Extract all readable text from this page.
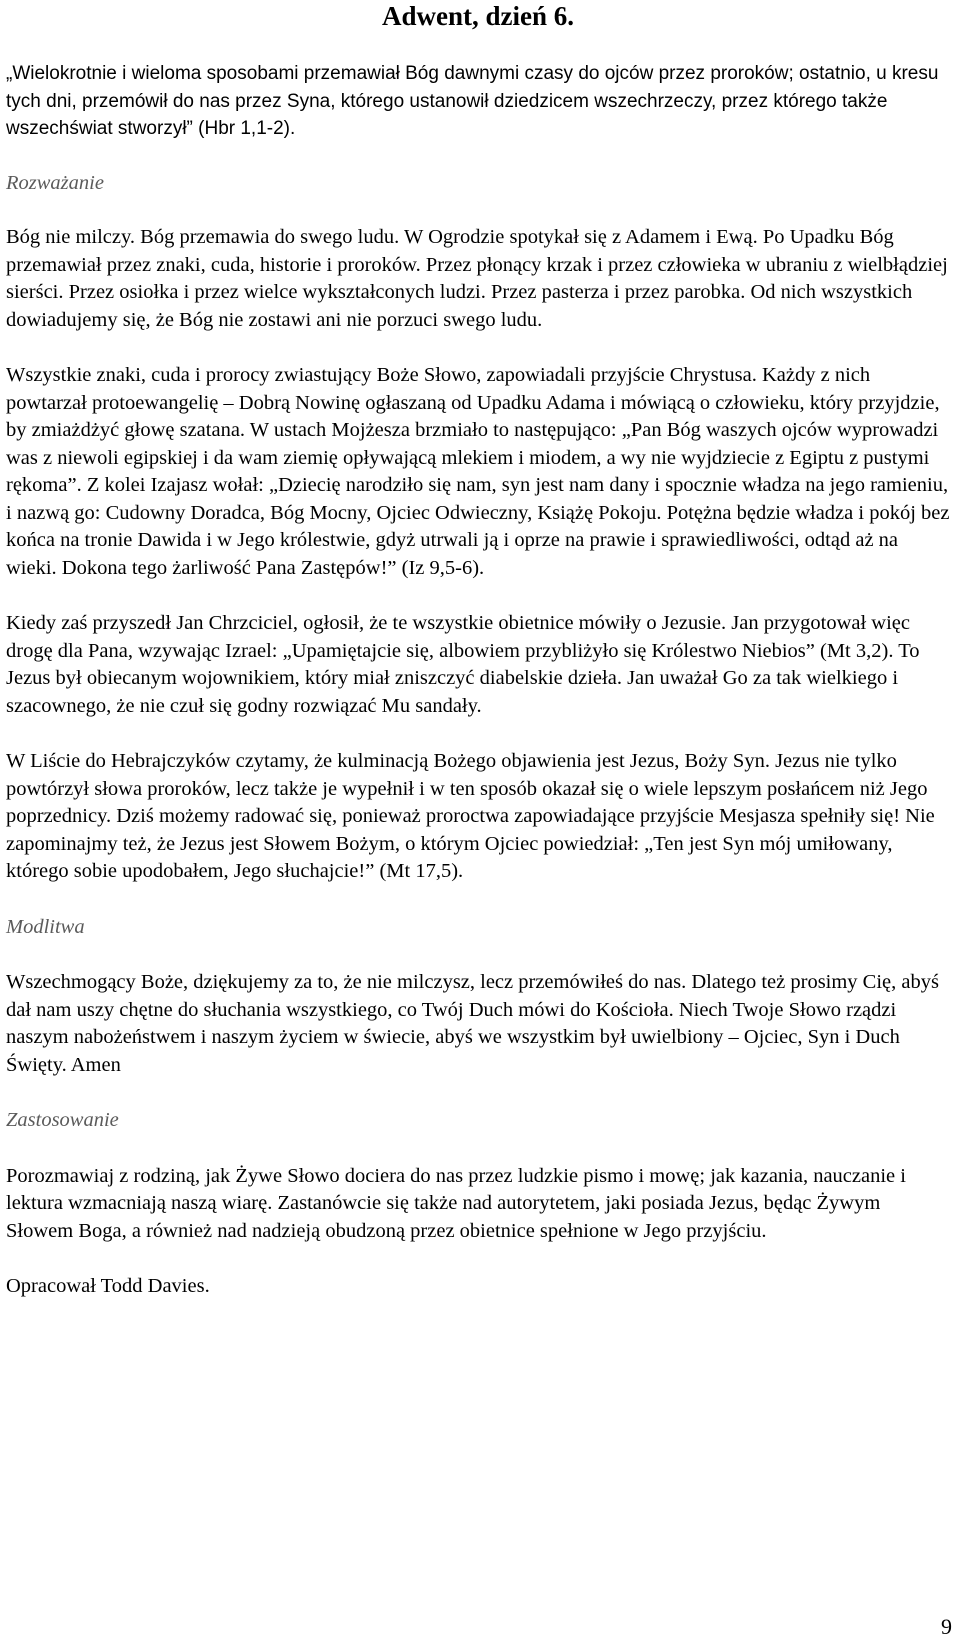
Adwent, dzień 6.

„Wielokrotnie i wieloma sposobami przemawiał Bóg dawnymi czasy do ojców przez proroków; ostatnio, u kresu tych dni, przemówił do nas przez Syna, którego ustanowił dziedzicem wszechrzeczy, przez którego także wszechświat stworzył” (Hbr 1,1-2).

Rozważanie

Bóg nie milczy. Bóg przemawia do swego ludu. W Ogrodzie spotykał się z Adamem i Ewą. Po Upadku Bóg przemawiał przez znaki, cuda, historie i proroków. Przez płonący krzak i przez człowieka w ubraniu z wielbłądziej sierści. Przez osiołka i przez wielce wykształconych ludzi. Przez pasterza i przez parobka. Od nich wszystkich dowiadujemy się, że Bóg nie zostawi ani nie porzuci swego ludu.

Wszystkie znaki, cuda i prorocy zwiastujący Boże Słowo, zapowiadali przyjście Chrystusa. Każdy z nich powtarzał protoewangelię – Dobrą Nowinę ogłaszaną od Upadku Adama i mówiącą o człowieku, który przyjdzie, by zmiażdżyć głowę szatana. W ustach Mojżesza brzmiało to następująco: „Pan Bóg waszych ojców wyprowadzi was z niewoli egipskiej i da wam ziemię opływającą mlekiem i miodem, a wy nie wyjdziecie z Egiptu z pustymi rękoma”. Z kolei Izajasz wołał: „Dziecię narodziło się nam, syn jest nam dany i spocznie władza na jego ramieniu, i nazwą go: Cudowny Doradca, Bóg Mocny, Ojciec Odwieczny, Książę Pokoju. Potężna będzie władza i pokój bez końca na tronie Dawida i w Jego królestwie, gdyż utrwali ją i oprze na prawie i sprawiedliwości, odtąd aż na wieki. Dokona tego żarliwość Pana Zastępów!” (Iz 9,5-6).

Kiedy zaś przyszedł Jan Chrzciciel, ogłosił, że te wszystkie obietnice mówiły o Jezusie. Jan przygotował więc drogę dla Pana, wzywając Izrael: „Upamiętajcie się, albowiem przybliżyło się Królestwo Niebios” (Mt 3,2). To Jezus był obiecanym wojownikiem, który miał zniszczyć diabelskie dzieła. Jan uważał Go za tak wielkiego i szacownego, że nie czuł się godny rozwiązać Mu sandały.

W Liście do Hebrajczyków czytamy, że kulminacją Bożego objawienia jest Jezus, Boży Syn. Jezus nie tylko powtórzył słowa proroków, lecz także je wypełnił i w ten sposób okazał się o wiele lepszym posłańcem niż Jego poprzednicy. Dziś możemy radować się, ponieważ proroctwa zapowiadające przyjście Mesjasza spełniły się! Nie zapominajmy też, że Jezus jest Słowem Bożym, o którym Ojciec powiedział: „Ten jest Syn mój umiłowany, którego sobie upodobałem, Jego słuchajcie!” (Mt 17,5).

Modlitwa

Wszechmogący Boże, dziękujemy za to, że nie milczysz, lecz przemówiłeś do nas. Dlatego też prosimy Cię, abyś dał nam uszy chętne do słuchania wszystkiego, co Twój Duch mówi do Kościoła. Niech Twoje Słowo rządzi naszym nabożeństwem i naszym życiem w świecie, abyś we wszystkim był uwielbiony – Ojciec, Syn i Duch Święty. Amen

Zastosowanie

Porozmawiaj z rodziną, jak Żywe Słowo dociera do nas przez ludzkie pismo i mowę; jak kazania, nauczanie i lektura wzmacniają naszą wiarę. Zastanówcie się także nad autorytetem, jaki posiada Jezus, będąc Żywym Słowem Boga, a również nad nadzieją obudzoną przez obietnice spełnione w Jego przyjściu.

Opracował Todd Davies.

9
